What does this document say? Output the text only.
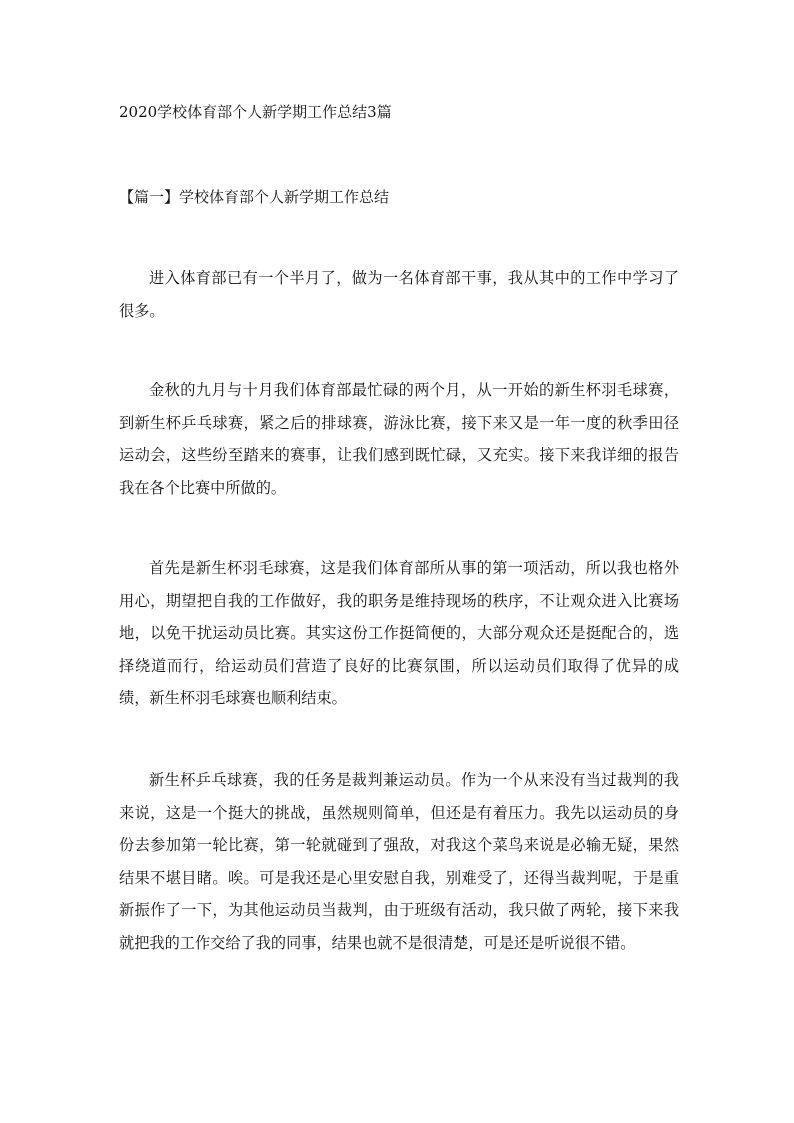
2020学校体育部个人新学期工作总结3篇
【篇一】学校体育部个人新学期工作总结

进入体育部已有一个半月了，做为一名体育部干事，我从其中的工作中学习了很多。

金秋的九月与十月我们体育部最忙碌的两个月，从一开始的新生杯羽毛球赛，到新生杯乒乓球赛，紧之后的排球赛，游泳比赛，接下来又是一年一度的秋季田径运动会，这些纷至踏来的赛事，让我们感到既忙碌，又充实。接下来我详细的报告我在各个比赛中所做的。

首先是新生杯羽毛球赛，这是我们体育部所从事的第一项活动，所以我也格外用心，期望把自我的工作做好，我的职务是维持现场的秩序，不让观众进入比赛场地，以免干扰运动员比赛。其实这份工作挺简便的，大部分观众还是挺配合的，选择绕道而行，给运动员们营造了良好的比赛氛围，所以运动员们取得了优异的成绩，新生杯羽毛球赛也顺利结束。

新生杯乒乓球赛，我的任务是裁判兼运动员。作为一个从来没有当过裁判的我来说，这是一个挺大的挑战，虽然规则简单，但还是有着压力。我先以运动员的身份去参加第一轮比赛，第一轮就碰到了强敌，对我这个菜鸟来说是必输无疑，果然结果不堪目睹。唉。可是我还是心里安慰自我，别难受了，还得当裁判呢，于是重新振作了一下，为其他运动员当裁判，由于班级有活动，我只做了两轮，接下来我就把我的工作交给了我的同事，结果也就不是很清楚，可是还是听说很不错。
